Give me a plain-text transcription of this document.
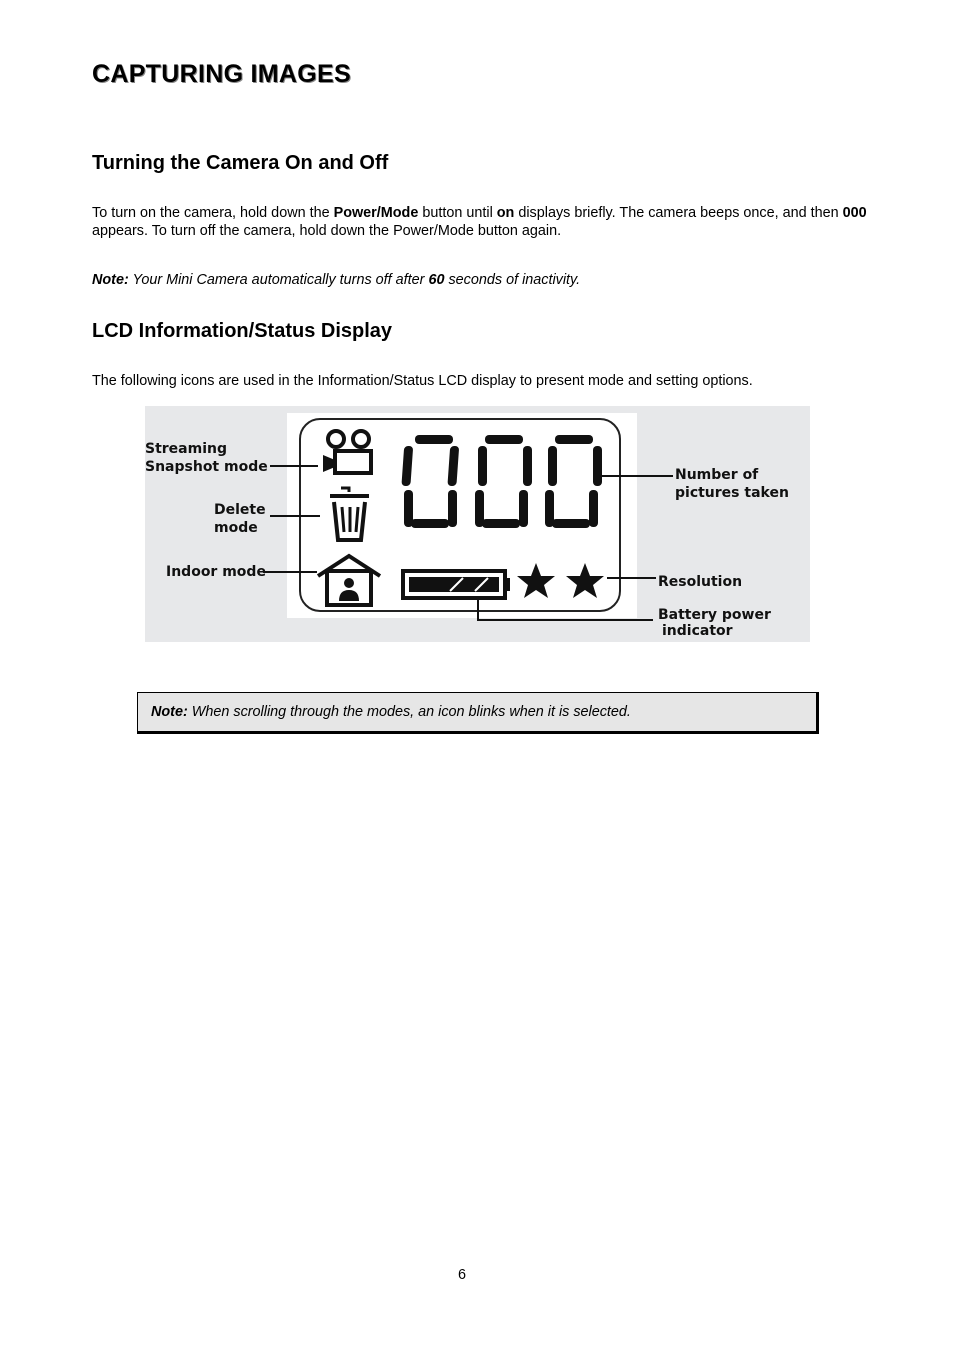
CAPTURING IMAGES
Turning the Camera On and Off

To turn on the camera, hold down the Power/Mode button until on displays briefly. The camera beeps once, and then 000 appears. To turn off the camera, hold down the Power/Mode button again.

Note: Your Mini Camera automatically turns off after 60 seconds of inactivity.

LCD Information/Status Display

The following icons are used in the Information/Status LCD display to present mode and setting options.

Streaming
Snapshot mode
Delete
mode
Indoor mode
Number of
pictures taken
Resolution
Battery power
indicator

Note: When scrolling through the modes, an icon blinks when it is selected.

6
